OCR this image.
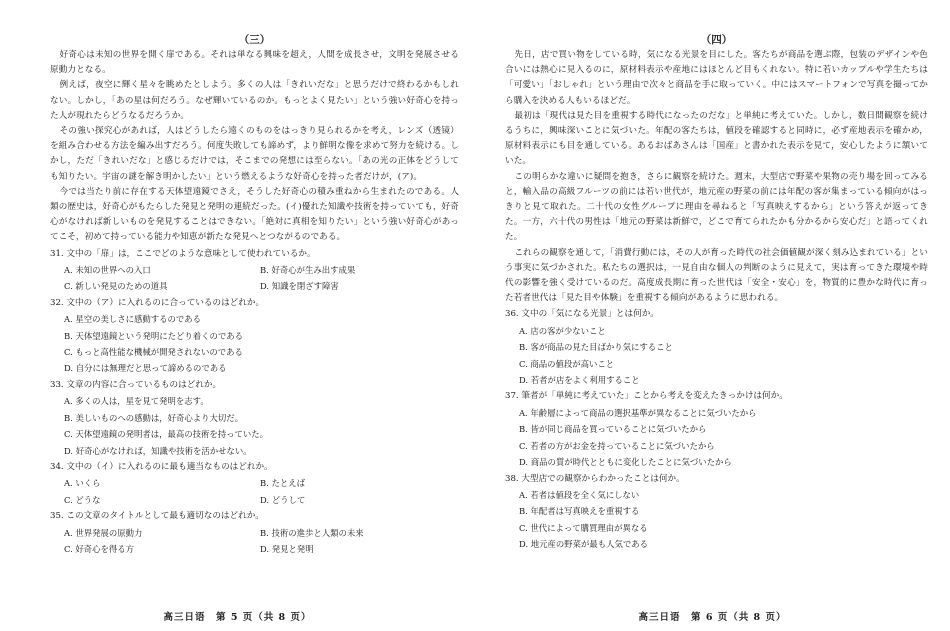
（三）

好奇心は未知の世界を開く扉である。それは単なる興味を超え，人間を成長させ，文明を発展させる原動力となる。

例えば，夜空に輝く星々を眺めたとしよう。多くの人は「きれいだな」と思うだけで終わるかもしれない。しかし，「あの星は何だろう。なぜ輝いているのか。もっとよく見たい」という強い好奇心を持った人が現れたらどうなるだろうか。

その強い探究心があれば，人はどうしたら遠くのものをはっきり見られるかを考え，レンズ（透镜）を組み合わせる方法を編み出すだろう。何度失敗しても諦めず，より鮮明な像を求めて努力を続ける。しかし，ただ「きれいだな」と感じるだけでは，そこまでの発想には至らない。「あの光の正体をどうしても知りたい。宇宙の謎を解き明かしたい」という燃えるような好奇心を持った者だけが，(ア)。

今では当たり前に存在する天体望遠鏡でさえ，そうした好奇心の積み重ねから生まれたのである。人類の歴史は，好奇心がもたらした発見と発明の連続だった。(イ)優れた知識や技術を持っていても，好奇心がなければ新しいものを発見することはできない。「絶対に真相を知りたい」という強い好奇心があってこそ，初めて持っている能力や知恵が新たな発見へとつながるのである。

31. 文中の「扉」は，ここでどのような意味として使われているか。
A. 未知の世界への入口	B. 好奇心が生み出す成果
C. 新しい発見のための道具	D. 知識を閉ざす障害
32. 文中の（ア）に入れるのに合っているのはどれか。
A. 星空の美しさに感動するのである
B. 天体望遠鏡という発明にたどり着くのである
C. もっと高性能な機械が開発されないのである
D. 自分には無理だと思って諦めるのである
33. 文章の内容に合っているものはどれか。
A. 多くの人は，星を見て発明を志す。
B. 美しいものへの感動は，好奇心より大切だ。
C. 天体望遠鏡の発明者は，最高の技術を持っていた。
D. 好奇心がなければ，知識や技術を活かせない。
34. 文中の（イ）に入れるのに最も適当なものはどれか。
A. いくら	B. たとえば
C. どうな	D. どうして
35. この文章のタイトルとして最も適切なのはどれか。
A. 世界発展の原動力	B. 技術の進歩と人類の未来
C. 好奇心を得る方	D. 発見と発明
高三日语　第 5 页（共 8 页）
（四）

先日，店で買い物をしている時，気になる光景を目にした。客たちが商品を選ぶ際，包装のデザインや色合いには熱心に見入るのに，原材料表示や産地にはほとんど目もくれない。特に若いカップルや学生たちは「可愛い」「おしゃれ」という理由で次々と商品を手に取っていく。中にはスマートフォンで写真を撮ってから購入を決める人もいるほどだ。

最初は「現代は見た目を重視する時代になったのだな」と単純に考えていた。しかし，数日間観察を続けるうちに，興味深いことに気づいた。年配の客たちは，値段を確認すると同時に，必ず産地表示を確かめ，原材料表示にも目を通している。あるおばあさんは「国産」と書かれた表示を見て，安心したように頷いていた。

この明らかな違いに疑問を抱き，さらに観察を続けた。週末，大型店で野菜や果物の売り場を回ってみると，輸入品の高級フルーツの前には若い世代が，地元産の野菜の前には年配の客が集まっている傾向がはっきりと見て取れた。二十代の女性グループに理由を尋ねると「写真映えするから」という答えが返ってきた。一方，六十代の男性は「地元の野菜は新鮮で，どこで育てられたかも分かるから安心だ」と語ってくれた。

これらの観察を通して，「消費行動には，その人が育った時代の社会価値観が深く刻み込まれている」という事実に気づかされた。私たちの選択は，一見自由な個人の判断のように見えて，実は育ってきた環境や時代の影響を強く受けているのだ。高度成長期に育った世代は「安全・安心」を，物質的に豊かな時代に育った若者世代は「見た目や体験」を重視する傾向があるように思われる。

36. 文中の「気になる光景」とは何か。
A. 店の客が少ないこと
B. 客が商品の見た目ばかり気にすること
C. 商品の値段が高いこと
D. 若者が店をよく利用すること
37. 筆者が「単純に考えていた」ことから考えを変えたきっかけは何か。
A. 年齢層によって商品の選択基準が異なることに気づいたから
B. 皆が同じ商品を買っていることに気づいたから
C. 若者の方がお金を持っていることに気づいたから
D. 商品の質が時代とともに変化したことに気づいたから
38. 大型店での観察からわかったことは何か。
A. 若者は値段を全く気にしない
B. 年配者は写真映えを重視する
C. 世代によって購買理由が異なる
D. 地元産の野菜が最も人気である
高三日语　第 6 页（共 8 页）
